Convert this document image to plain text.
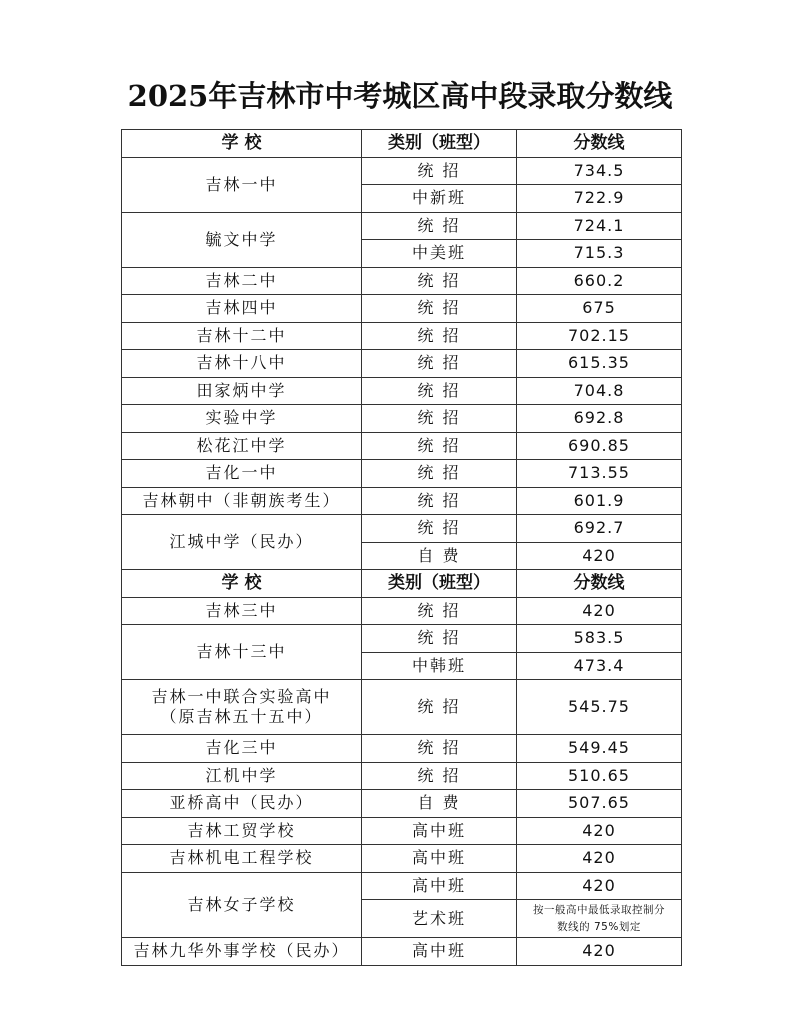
2025年吉林市中考城区高中段录取分数线
学 校	类别（班型）	分数线
吉林一中	统 招	734.5
	中新班	722.9
毓文中学	统 招	724.1
	中美班	715.3
吉林二中	统 招	660.2
吉林四中	统 招	675
吉林十二中	统 招	702.15
吉林十八中	统 招	615.35
田家炳中学	统 招	704.8
实验中学	统 招	692.8
松花江中学	统 招	690.85
吉化一中	统 招	713.55
吉林朝中（非朝族考生）	统 招	601.9
江城中学（民办）	统 招	692.7
	自 费	420
学 校	类别（班型）	分数线
吉林三中	统 招	420
吉林十三中	统 招	583.5
	中韩班	473.4

吉林一中联合实验高中
（原吉林五十五中）	统 招	545.75
吉化三中	统 招	549.45
江机中学	统 招	510.65
亚桥高中（民办）	自 费	507.65
吉林工贸学校	高中班	420
吉林机电工程学校	高中班	420
吉林女子学校	高中班	420
	艺术班	按一般高中最低录取控制分
数线的 75%划定

吉林九华外事学校（民办）	高中班	420
